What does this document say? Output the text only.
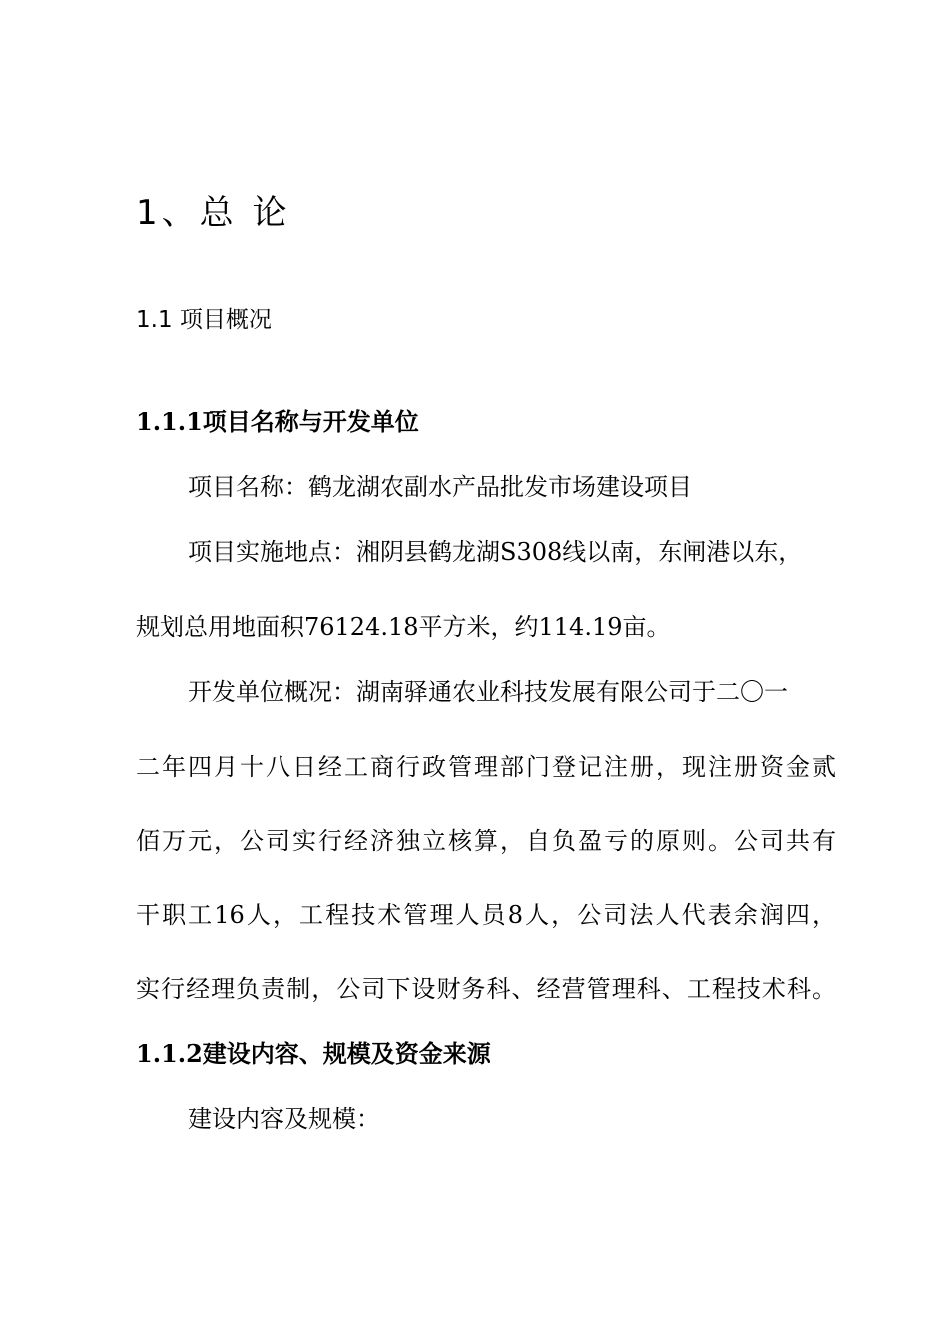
1、总 论
1.1 项目概况
1.1.1项目名称与开发单位
项目名称：鹤龙湖农副水产品批发市场建设项目
项目实施地点：湘阴县鹤龙湖S308线以南，东闸港以东，
规划总用地面积76124.18平方米，约114.19亩。
开发单位概况：湖南驿通农业科技发展有限公司于二〇一
二年四月十八日经工商行政管理部门登记注册，现注册资金贰
佰万元，公司实行经济独立核算，自负盈亏的原则。公司共有
干职工16人，工程技术管理人员8人，公司法人代表余润四，
实行经理负责制，公司下设财务科、经营管理科、工程技术科。
1.1.2建设内容、规模及资金来源
建设内容及规模：
